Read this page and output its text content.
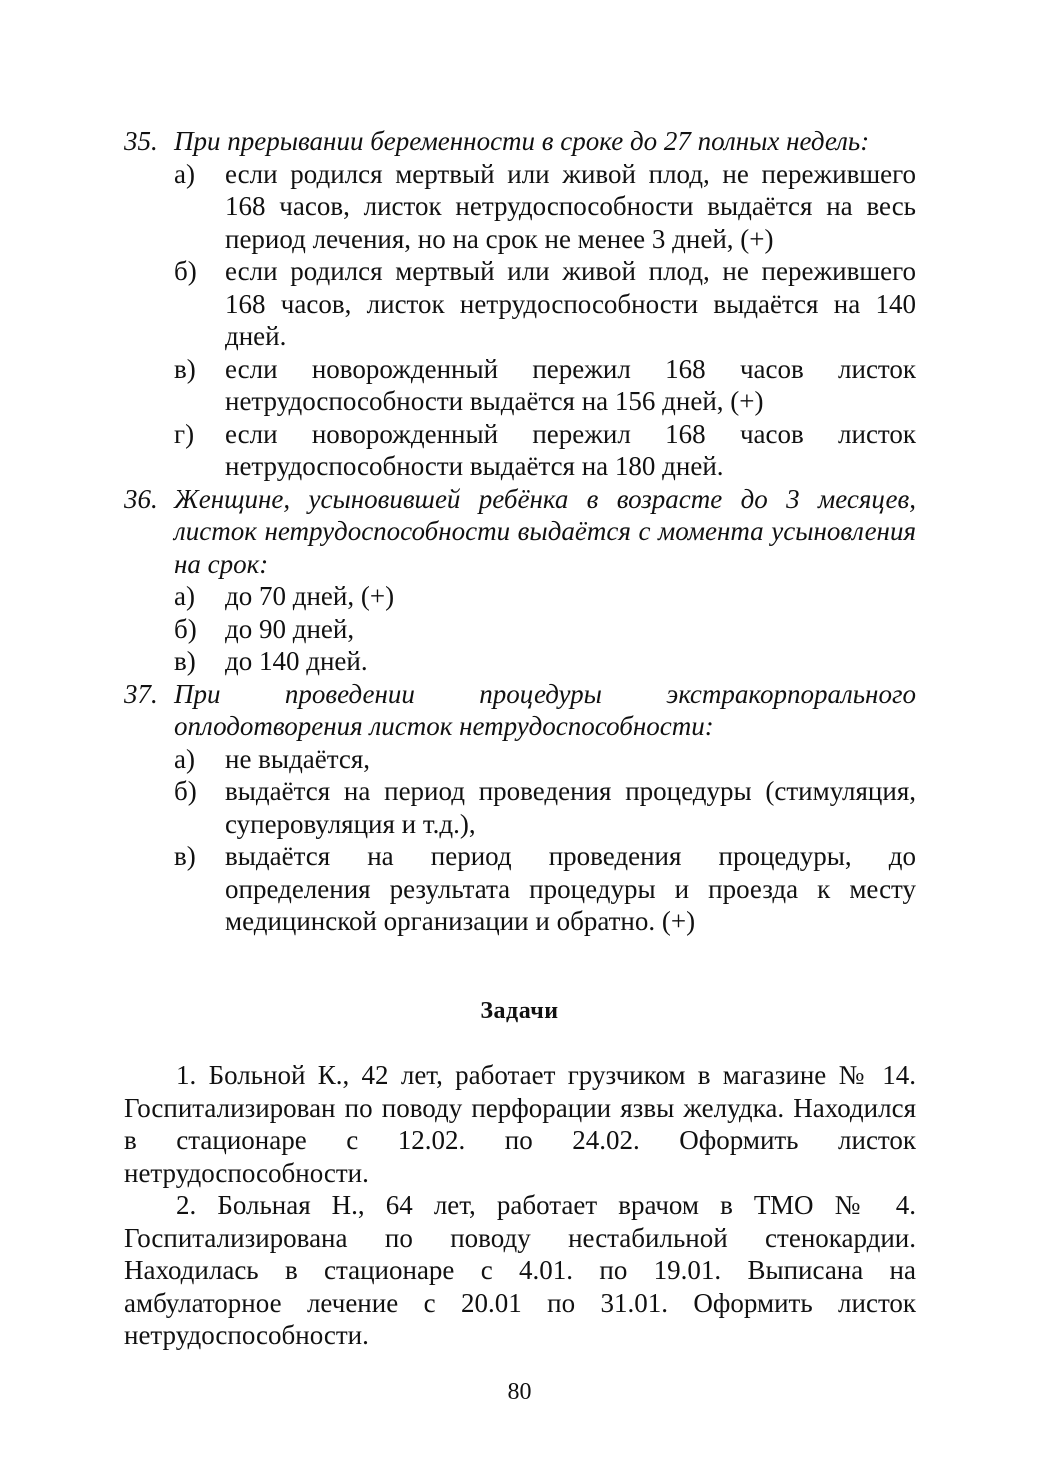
35. При прерывании беременности в сроке до 27 полных недель:
а) если родился мертвый или живой плод, не пережившего 168 часов, листок нетрудоспособности выдаётся на весь период лечения, но на срок не менее 3 дней, (+)
б) если родился мертвый или живой плод, не пережившего 168 часов, листок нетрудоспособности выдаётся на 140 дней.
в) если новорожденный пережил 168 часов листок нетрудоспособности выдаётся на 156 дней, (+)
г) если новорожденный пережил 168 часов листок нетрудоспособности выдаётся на 180 дней.
36. Женщине, усыновившей ребёнка в возрасте до 3 месяцев, листок нетрудоспособности выдаётся с момента усыновления на срок:
а) до 70 дней, (+)
б) до 90 дней,
в) до 140 дней.
37. При проведении процедуры экстракорпорального оплодотворения листок нетрудоспособности:
а) не выдаётся,
б) выдаётся на период проведения процедуры (стимуляция, суперовуляция и т.д.),
в) выдаётся на период проведения процедуры, до определения результата процедуры и проезда к месту медицинской организации и обратно. (+)
Задачи

1. Больной К., 42 лет, работает грузчиком в магазине № 14. Госпитализирован по поводу перфорации язвы желудка. Находился в стационаре с 12.02. по 24.02. Оформить листок нетрудоспособности.

2. Больная Н., 64 лет, работает врачом в ТМО № 4. Госпитализирована по поводу нестабильной стенокардии. Находилась в стационаре с 4.01. по 19.01. Выписана на амбулаторное лечение с 20.01 по 31.01. Оформить листок нетрудоспособности.

80
